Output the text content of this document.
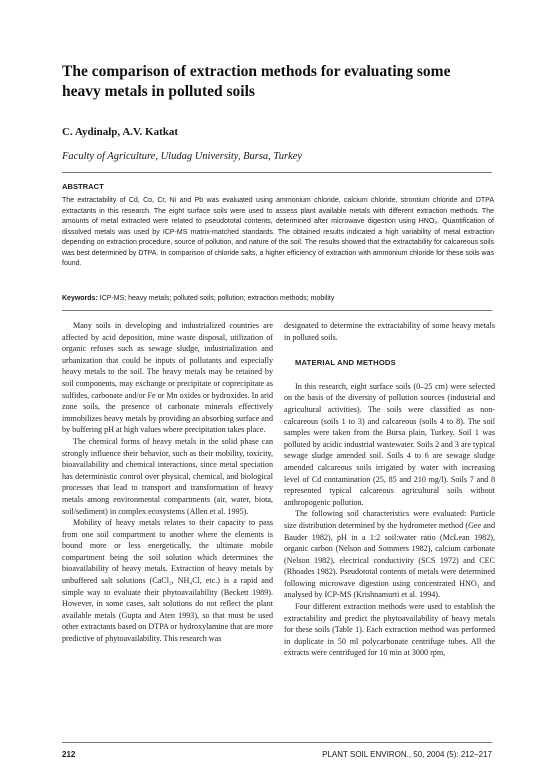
The comparison of extraction methods for evaluating some heavy metals in polluted soils

C. Aydinalp, A.V. Katkat

Faculty of Agriculture, Uludag University, Bursa, Turkey

ABSTRACT

The extractability of Cd, Co, Cr, Ni and Pb was evaluated using ammonium chloride, calcium chloride, strontium chloride and DTPA extractants in this research. The eight surface soils were used to assess plant available metals with different extraction methods. The amounts of metal extracted were related to pseudototal contents, determined after microwave digestion using HNO₃. Quantification of dissolved metals was used by ICP-MS matrix-matched standards. The obtained results indicated a high variability of metal extraction depending on extraction procedure, source of pollution, and nature of the soil. The results showed that the extractability for calcareous soils was best determined by DTPA. In comparison of chloride salts, a higher efficiency of extraction with ammonium chloride for these soils was found.

Keywords: ICP-MS; heavy metals; polluted soils; pollution; extraction methods; mobility

Many soils in developing and industrialized countries are affected by acid deposition, mine waste disposal, utilization of organic refuses such as sewage sludge, industrialization and urbanization that could be inputs of pollutants and especially heavy metals to the soil. The heavy metals may be retained by soil components, may exchange or precipitate or coprecipitate as sulfides, carbonate and/or Fe or Mn oxides or hydroxides. In arid zone soils, the presence of carbonate minerals effectively immobilizes heavy metals by providing an absorbing surface and by buffering pH at high values where precipitation takes place.

The chemical forms of heavy metals in the solid phase can strongly influence their behavior, such as their mobility, toxicity, bioavailability and chemical interactions, since metal speciation has deterministic control over physical, chemical, and biological processes that lead to transport and transformation of heavy metals among environmental compartments (air, water, biota, soil/sediment) in complex ecosystems (Allen et al. 1995).

Mobility of heavy metals relates to their capacity to pass from one soil compartment to another where the elements is bound more or less energetically, the ultimate mobile compartment being the soil solution which determines the bioavailability of heavy metals. Extraction of heavy metals by unbuffered salt solutions (CaCl₂, NH₄Cl, etc.) is a rapid and simple way to evaluate their phytoavailability (Beckett 1989). However, in some cases, salt solutions do not reflect the plant available metals (Gupta and Aten 1993), so that must be used other extractants based on DTPA or hydroxylamine that are more predictive of phytoavailability. This research was

designated to determine the extractability of some heavy metals in polluted soils.

MATERIAL AND METHODS

In this research, eight surface soils (0–25 cm) were selected on the basis of the diversity of pollution sources (industrial and agricultural activities). The soils were classified as non-calcareous (soils 1 to 3) and calcareous (soils 4 to 8). The soil samples were taken from the Bursa plain, Turkey. Soil 1 was polluted by acidic industrial wastewater. Soils 2 and 3 are typical sewage sludge amended soil. Soils 4 to 6 are sewage sludge amended calcareous soils irrigated by water with increasing level of Cd contamination (25, 85 and 210 mg/l). Soils 7 and 8 represented typical calcareous agricultural soils without anthropogenic pollution.

The following soil characteristics were evaluated: Particle size distribution determined by the hydrometer method (Gee and Bauder 1982), pH in a 1:2 soil:water ratio (McLean 1982), organic carbon (Nelson and Sommers 1982), calcium carbonate (Nelson 1982), electrical conductivity (SCS 1972) and CEC (Rhoades 1982). Pseudototal contents of metals were determined following microwave digestion using concentrated HNO₃ and analysed by ICP-MS (Krishnamurti et al. 1994).

Four different extraction methods were used to establish the extractability and predict the phytoavailability of heavy metals for these soils (Table 1). Each extraction method was performed in duplicate in 50 ml polycarbonate centrifuge tubes. All the extracts were centrifuged for 10 min at 3000 rpm,

212	PLANT SOIL ENVIRON., 50, 2004 (5): 212–217
